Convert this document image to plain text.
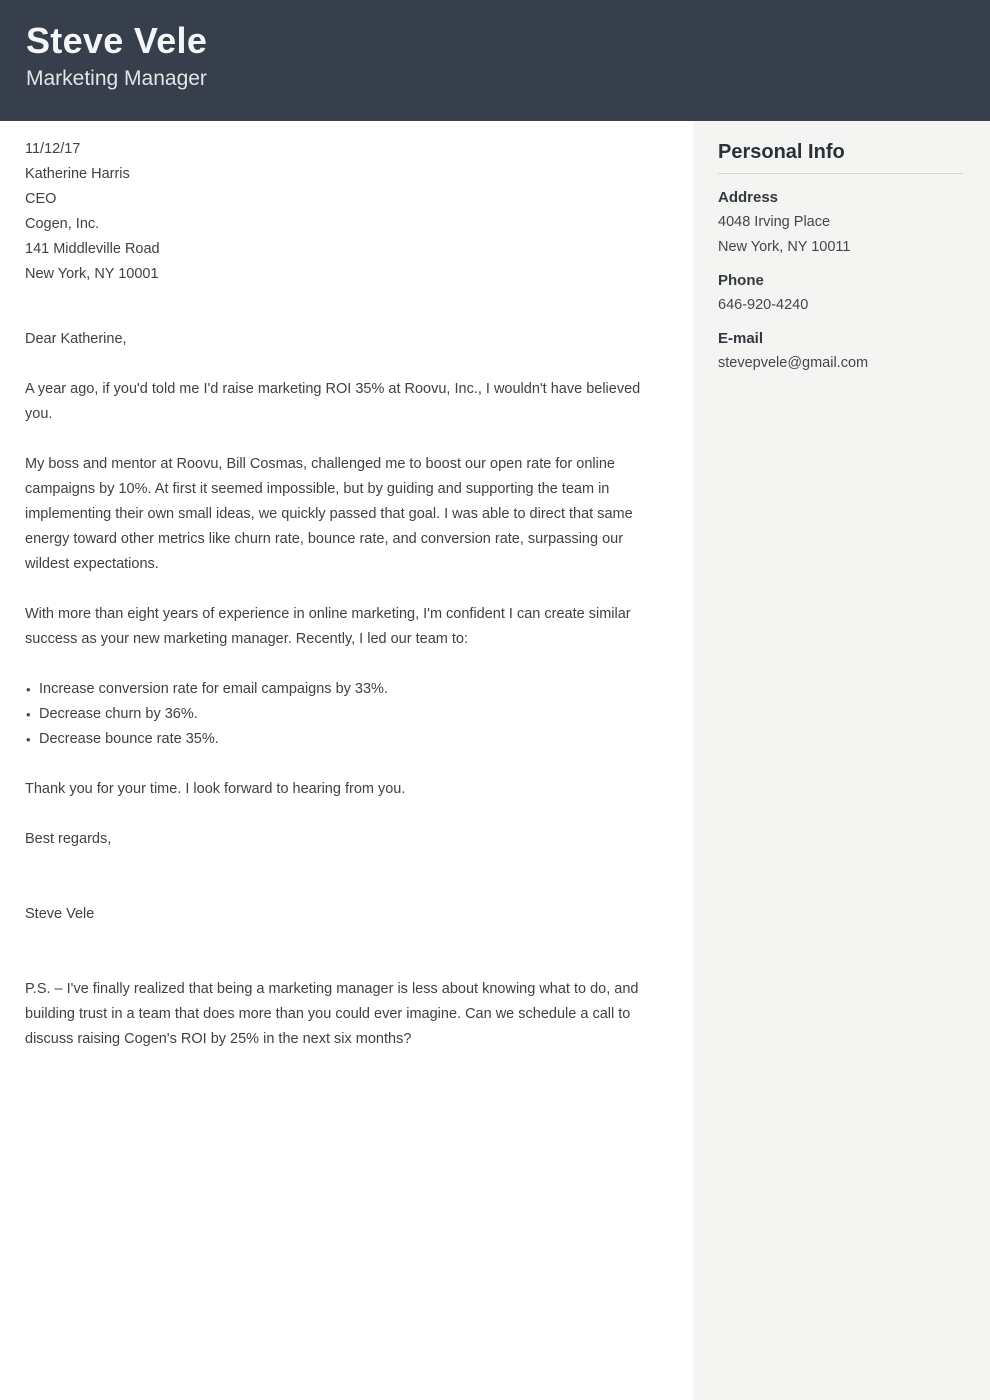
Steve Vele
Marketing Manager

11/12/17

Katherine Harris
CEO
Cogen, Inc.
141 Middleville Road
New York, NY 10001

Dear Katherine,

A year ago, if you'd told me I'd raise marketing ROI 35% at Roovu, Inc., I wouldn't have believed you.

My boss and mentor at Roovu, Bill Cosmas, challenged me to boost our open rate for online campaigns by 10%. At first it seemed impossible, but by guiding and supporting the team in implementing their own small ideas, we quickly passed that goal. I was able to direct that same energy toward other metrics like churn rate, bounce rate, and conversion rate, surpassing our wildest expectations.

With more than eight years of experience in online marketing, I'm confident I can create similar success as your new marketing manager. Recently, I led our team to:

• Increase conversion rate for email campaigns by 33%.
• Decrease churn by 36%.
• Decrease bounce rate 35%.

Thank you for your time. I look forward to hearing from you.

Best regards,

Steve Vele

P.S. – I've finally realized that being a marketing manager is less about knowing what to do, and building trust in a team that does more than you could ever imagine. Can we schedule a call to discuss raising Cogen's ROI by 25% in the next six months?

Personal Info
Address
4048 Irving Place
New York, NY 10011
Phone
646-920-4240
E-mail
stevepvele@gmail.com
